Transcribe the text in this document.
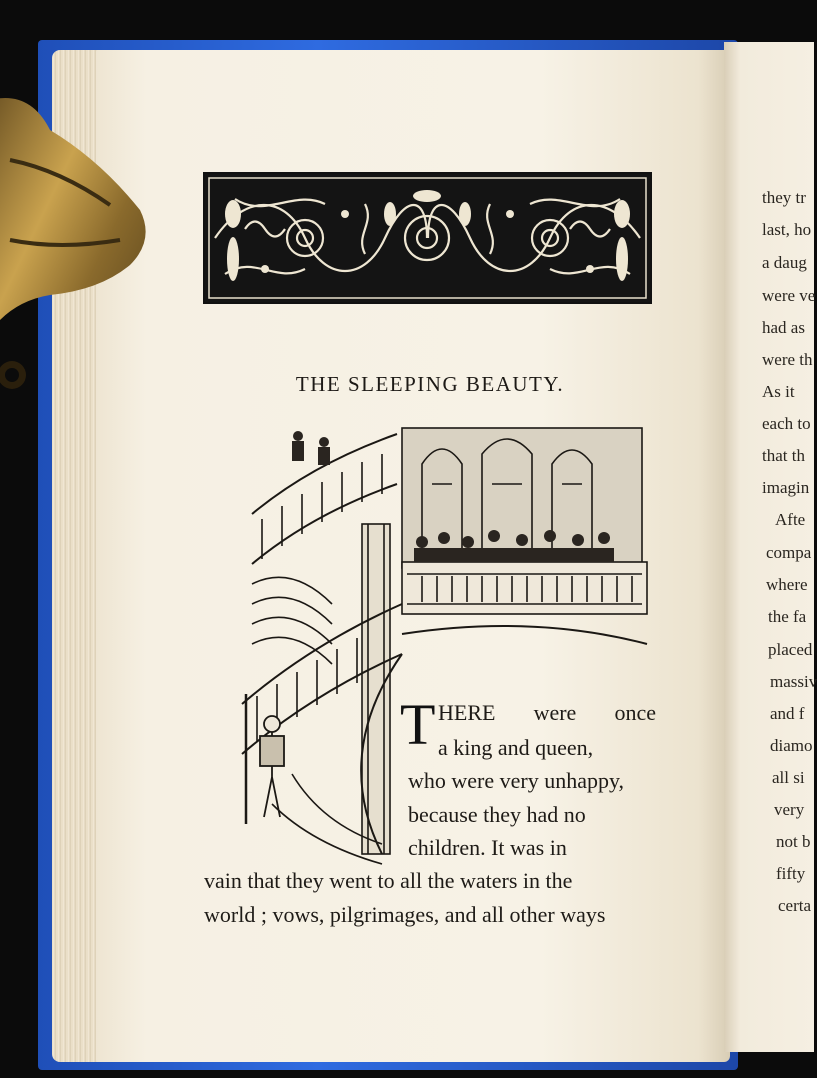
THE SLEEPING BEAUTY.
T HERE were once
a king and queen,
who were very unhappy,
because they had no
children. It was in
vain that they went to all the waters in the
world ; vows, pilgrimages, and all other ways
they tr
last, ho
a daug
were ve
had as
were th
As it
each to
that th
imagin
Afte
compa
where
the fa
placed
massiv
and f
diamo
all si
very
not b
fifty
certa
